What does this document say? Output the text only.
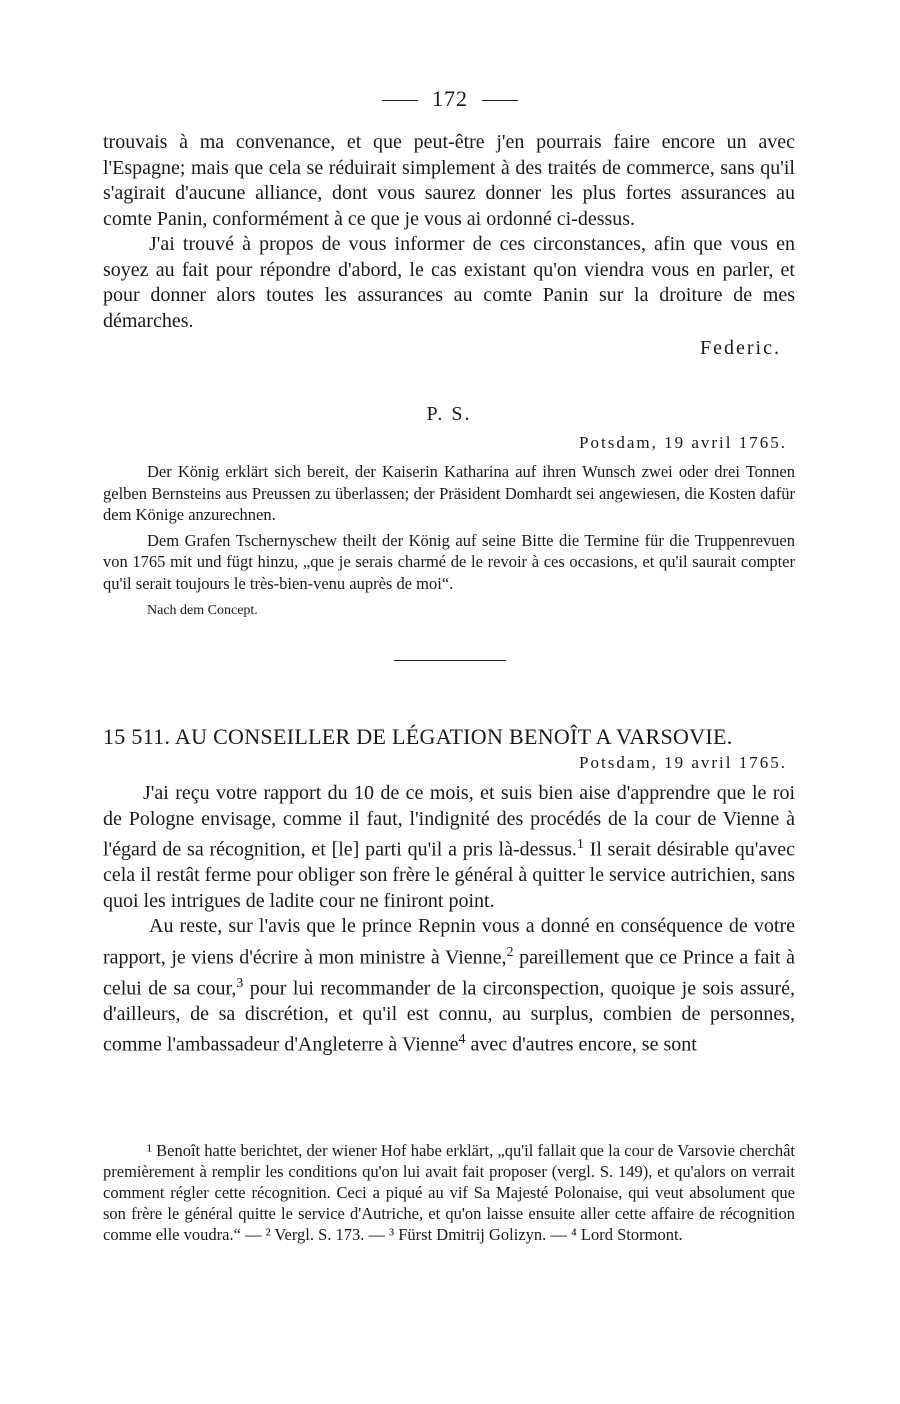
172

trouvais à ma convenance, et que peut-être j'en pourrais faire encore un avec l'Espagne; mais que cela se réduirait simplement à des traités de commerce, sans qu'il s'agirait d'aucune alliance, dont vous saurez donner les plus fortes assurances au comte Panin, conformément à ce que je vous ai ordonné ci-dessus.

J'ai trouvé à propos de vous informer de ces circonstances, afin que vous en soyez au fait pour répondre d'abord, le cas existant qu'on viendra vous en parler, et pour donner alors toutes les assurances au comte Panin sur la droiture de mes démarches.

Federic.

P. S.

Potsdam, 19 avril 1765.

Der König erklärt sich bereit, der Kaiserin Katharina auf ihren Wunsch zwei oder drei Tonnen gelben Bernsteins aus Preussen zu überlassen; der Präsident Domhardt sei angewiesen, die Kosten dafür dem Könige anzurechnen.

Dem Grafen Tschernyschew theilt der König auf seine Bitte die Termine für die Truppenrevuen von 1765 mit und fügt hinzu, „que je serais charmé de le revoir à ces occasions, et qu'il saurait compter qu'il serait toujours le très-bien-venu auprès de moi“.

Nach dem Concept.

15 511. AU CONSEILLER DE LÉGATION BENOÎT A VARSOVIE.

Potsdam, 19 avril 1765.

J'ai reçu votre rapport du 10 de ce mois, et suis bien aise d'apprendre que le roi de Pologne envisage, comme il faut, l'indignité des procédés de la cour de Vienne à l'égard de sa récognition, et [le] parti qu'il a pris là-dessus.$^1$ Il serait désirable qu'avec cela il restât ferme pour obliger son frère le général à quitter le service autrichien, sans quoi les intrigues de ladite cour ne finiront point.

Au reste, sur l'avis que le prince Repnin vous a donné en conséquence de votre rapport, je viens d'écrire à mon ministre à Vienne,$^2$ pareillement que ce Prince a fait à celui de sa cour,$^3$ pour lui recommander de la circonspection, quoique je sois assuré, d'ailleurs, de sa discrétion, et qu'il est connu, au surplus, combien de personnes, comme l'ambassadeur d'Angleterre à Vienne$^4$ avec d'autres encore, se sont

¹ Benoît hatte berichtet, der wiener Hof habe erklärt, „qu'il fallait que la cour de Varsovie cherchât premièrement à remplir les conditions qu'on lui avait fait proposer (vergl. S. 149), et qu'alors on verrait comment régler cette récognition. Ceci a piqué au vif Sa Majesté Polonaise, qui veut absolument que son frère le général quitte le service d'Autriche, et qu'on laisse ensuite aller cette affaire de récognition comme elle voudra.“ — ² Vergl. S. 173. — ³ Fürst Dmitrij Golizyn. — ⁴ Lord Stormont.
